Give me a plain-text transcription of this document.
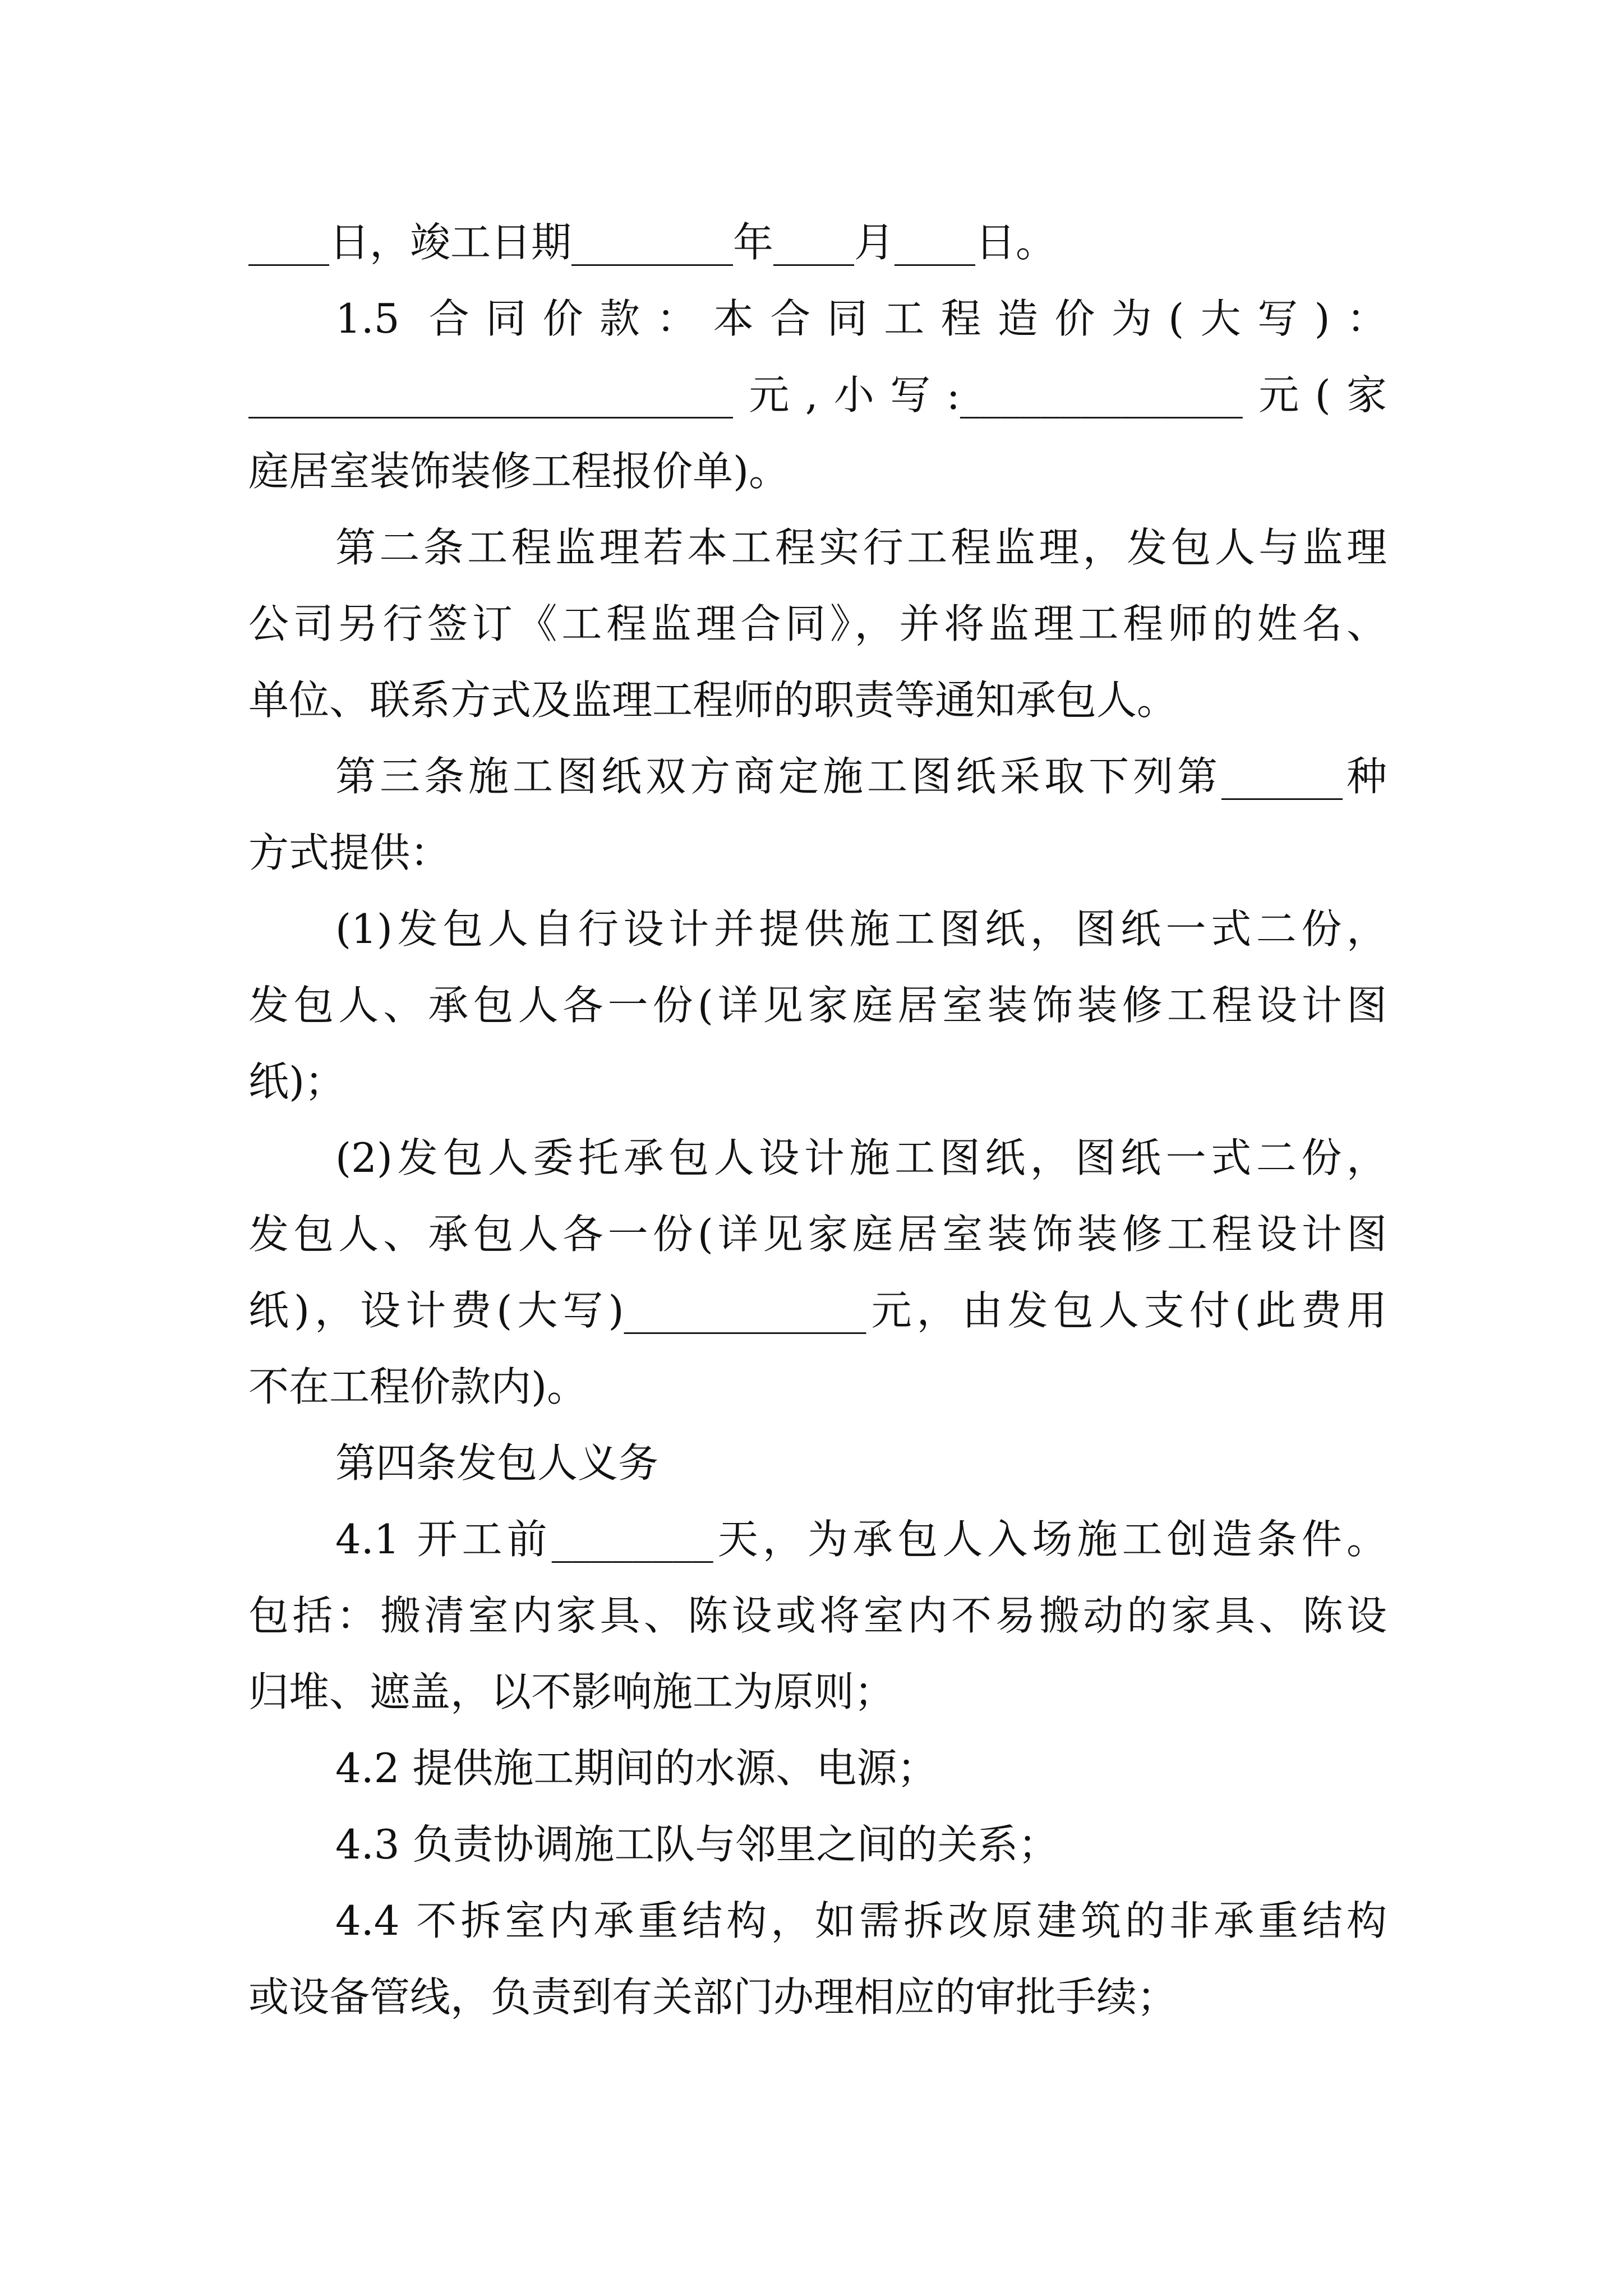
____日，竣工日期________年____月____日。
1.5 合同价款：本合同工程造价为(大写)：
________________________元,小写:______________元(家
庭居室装饰装修工程报价单)。
第二条工程监理若本工程实行工程监理，发包人与监理
公司另行签订《工程监理合同》，并将监理工程师的姓名、
单位、联系方式及监理工程师的职责等通知承包人。
第三条施工图纸双方商定施工图纸采取下列第______种
方式提供：
(1)发包人自行设计并提供施工图纸，图纸一式二份，
发包人、承包人各一份(详见家庭居室装饰装修工程设计图
纸)；
(2)发包人委托承包人设计施工图纸，图纸一式二份，
发包人、承包人各一份(详见家庭居室装饰装修工程设计图
纸)，设计费(大写)____________元，由发包人支付(此费用
不在工程价款内)。
第四条发包人义务
4.1 开工前________天，为承包人入场施工创造条件。
包括：搬清室内家具、陈设或将室内不易搬动的家具、陈设
归堆、遮盖，以不影响施工为原则；
4.2 提供施工期间的水源、电源；
4.3 负责协调施工队与邻里之间的关系；
4.4 不拆室内承重结构，如需拆改原建筑的非承重结构
或设备管线，负责到有关部门办理相应的审批手续；
